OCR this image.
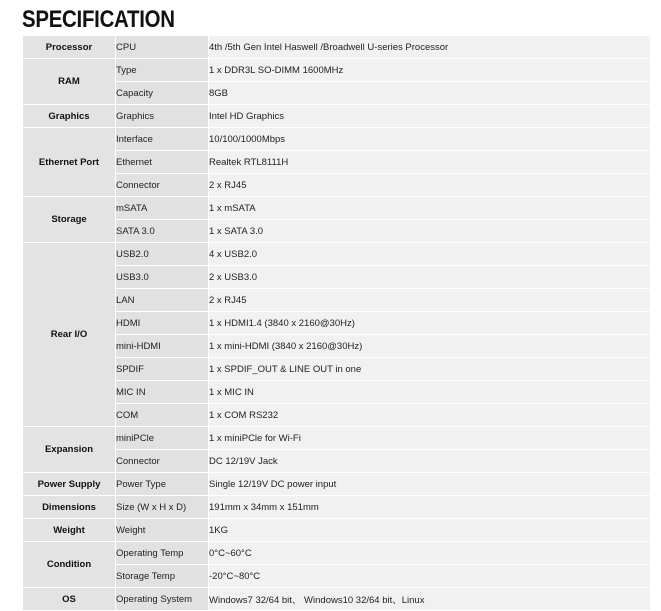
SPECIFICATION
Processor	CPU	4th /5th Gen Intel Haswell /Broadwell U-series Processor
RAM	Type	1 x DDR3L SO-DIMM 1600MHz
	Capacity	8GB
Graphics	Graphics	Intel HD Graphics
Ethernet Port	Interface	10/100/1000Mbps
	Ethernet	Realtek RTL8111H
	Connector	2 x RJ45
Storage	mSATA	1 x mSATA
	SATA 3.0	1 x SATA 3.0
Rear I/O	USB2.0	4 x USB2.0
	USB3.0	2 x USB3.0
	LAN	2 x RJ45
	HDMI	1 x HDMI1.4 (3840 x 2160@30Hz)
	mini-HDMI	1 x mini-HDMI (3840 x 2160@30Hz)
	SPDIF	1 x SPDIF_OUT & LINE OUT in one
	MIC IN	1 x MIC IN
	COM	1 x COM RS232
Expansion	miniPCle	1 x miniPCle for Wi-Fi
	Connector	DC 12/19V Jack
Power Supply	Power Type	Single 12/19V DC power input
Dimensions	Size (W x H x D)	191mm x 34mm x 151mm
Weight	Weight	1KG
Condition	Operating Temp	0°C~60°C
	Storage Temp	-20°C~80°C
OS	Operating System	Windows7 32/64 bit、 Windows10 32/64 bit、Linux
